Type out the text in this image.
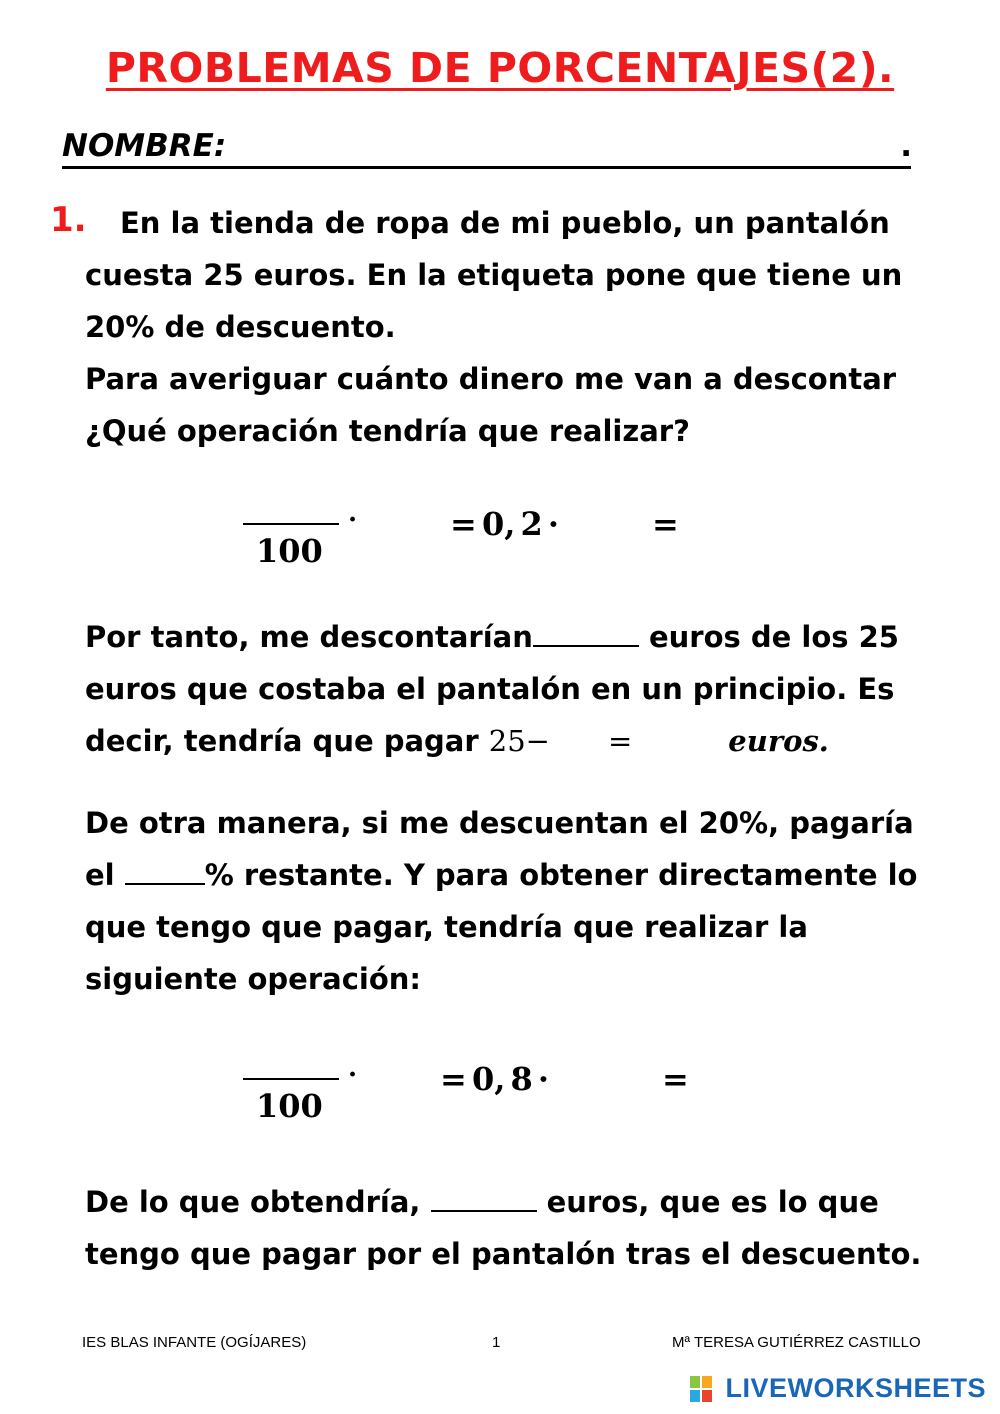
PROBLEMAS DE PORCENTAJES(2).
NOMBRE:	.
1.	En la tienda de ropa de mi pueblo, un pantalón
cuesta 25 euros. En la etiqueta pone que tiene un
20% de descuento.
Para averiguar cuánto dinero me van a descontar
¿Qué operación tendría que realizar?
100
·	= 0, 2 ·	=
Por tanto, me descontarían	euros de los 25
euros que costaba el pantalón en un principio. Es
decir, tendría que pagar 25− =	euros.
De otra manera, si me descuentan el 20%, pagaría
el	% restante. Y para obtener directamente lo
que tengo que pagar, tendría que realizar la
siguiente operación:
100
·	= 0, 8 ·	=
De lo que obtendría,	euros, que es lo que
tengo que pagar por el pantalón tras el descuento.
IES BLAS INFANTE (OGÍJARES)	1	Mª TERESA GUTIÉRREZ CASTILLO
LIVEWORKSHEETS
